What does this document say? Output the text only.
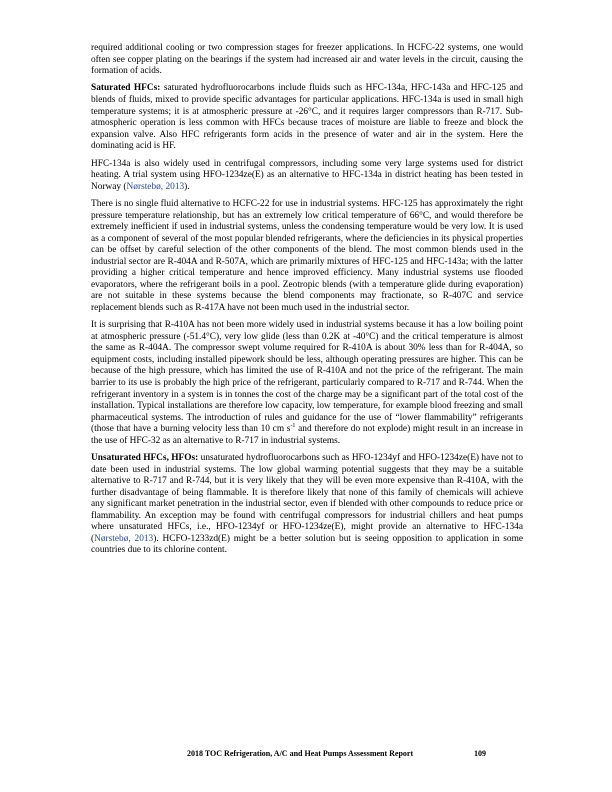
required additional cooling or two compression stages for freezer applications. In HCFC-22 systems, one would often see copper plating on the bearings if the system had increased air and water levels in the circuit, causing the formation of acids.

Saturated HFCs: saturated hydrofluorocarbons include fluids such as HFC-134a, HFC-143a and HFC-125 and blends of fluids, mixed to provide specific advantages for particular applications. HFC-134a is used in small high temperature systems; it is at atmospheric pressure at -26°C, and it requires larger compressors than R-717. Sub-atmospheric operation is less common with HFCs because traces of moisture are liable to freeze and block the expansion valve. Also HFC refrigerants form acids in the presence of water and air in the system. Here the dominating acid is HF.

HFC-134a is also widely used in centrifugal compressors, including some very large systems used for district heating. A trial system using HFO-1234ze(E) as an alternative to HFC-134a in district heating has been tested in Norway (Nørstebø, 2013).

There is no single fluid alternative to HCFC-22 for use in industrial systems. HFC-125 has approximately the right pressure temperature relationship, but has an extremely low critical temperature of 66°C, and would therefore be extremely inefficient if used in industrial systems, unless the condensing temperature would be very low. It is used as a component of several of the most popular blended refrigerants, where the deficiencies in its physical properties can be offset by careful selection of the other components of the blend. The most common blends used in the industrial sector are R-404A and R-507A, which are primarily mixtures of HFC-125 and HFC-143a; with the latter providing a higher critical temperature and hence improved efficiency. Many industrial systems use flooded evaporators, where the refrigerant boils in a pool. Zeotropic blends (with a temperature glide during evaporation) are not suitable in these systems because the blend components may fractionate, so R-407C and service replacement blends such as R-417A have not been much used in the industrial sector.

It is surprising that R-410A has not been more widely used in industrial systems because it has a low boiling point at atmospheric pressure (-51.4°C), very low glide (less than 0.2K at -40°C) and the critical temperature is almost the same as R-404A. The compressor swept volume required for R-410A is about 30% less than for R-404A, so equipment costs, including installed pipework should be less, although operating pressures are higher. This can be because of the high pressure, which has limited the use of R-410A and not the price of the refrigerant. The main barrier to its use is probably the high price of the refrigerant, particularly compared to R-717 and R-744. When the refrigerant inventory in a system is in tonnes the cost of the charge may be a significant part of the total cost of the installation. Typical installations are therefore low capacity, low temperature, for example blood freezing and small pharmaceutical systems. The introduction of rules and guidance for the use of “lower flammability” refrigerants (those that have a burning velocity less than 10 cm $s^{-1}$ and therefore do not explode) might result in an increase in the use of HFC-32 as an alternative to R-717 in industrial systems.

Unsaturated HFCs, HFOs: unsaturated hydrofluorocarbons such as HFO-1234yf and HFO-1234ze(E) have not to date been used in industrial systems. The low global warming potential suggests that they may be a suitable alternative to R-717 and R-744, but it is very likely that they will be even more expensive than R-410A, with the further disadvantage of being flammable. It is therefore likely that none of this family of chemicals will achieve any significant market penetration in the industrial sector, even if blended with other compounds to reduce price or flammability. An exception may be found with centrifugal compressors for industrial chillers and heat pumps where unsaturated HFCs, i.e., HFO-1234yf or HFO-1234ze(E), might provide an alternative to HFC-134a (Nørstebø, 2013). HCFO-1233zd(E) might be a better solution but is seeing opposition to application in some countries due to its chlorine content.

2018 TOC Refrigeration, A/C and Heat Pumps Assessment Report	109
